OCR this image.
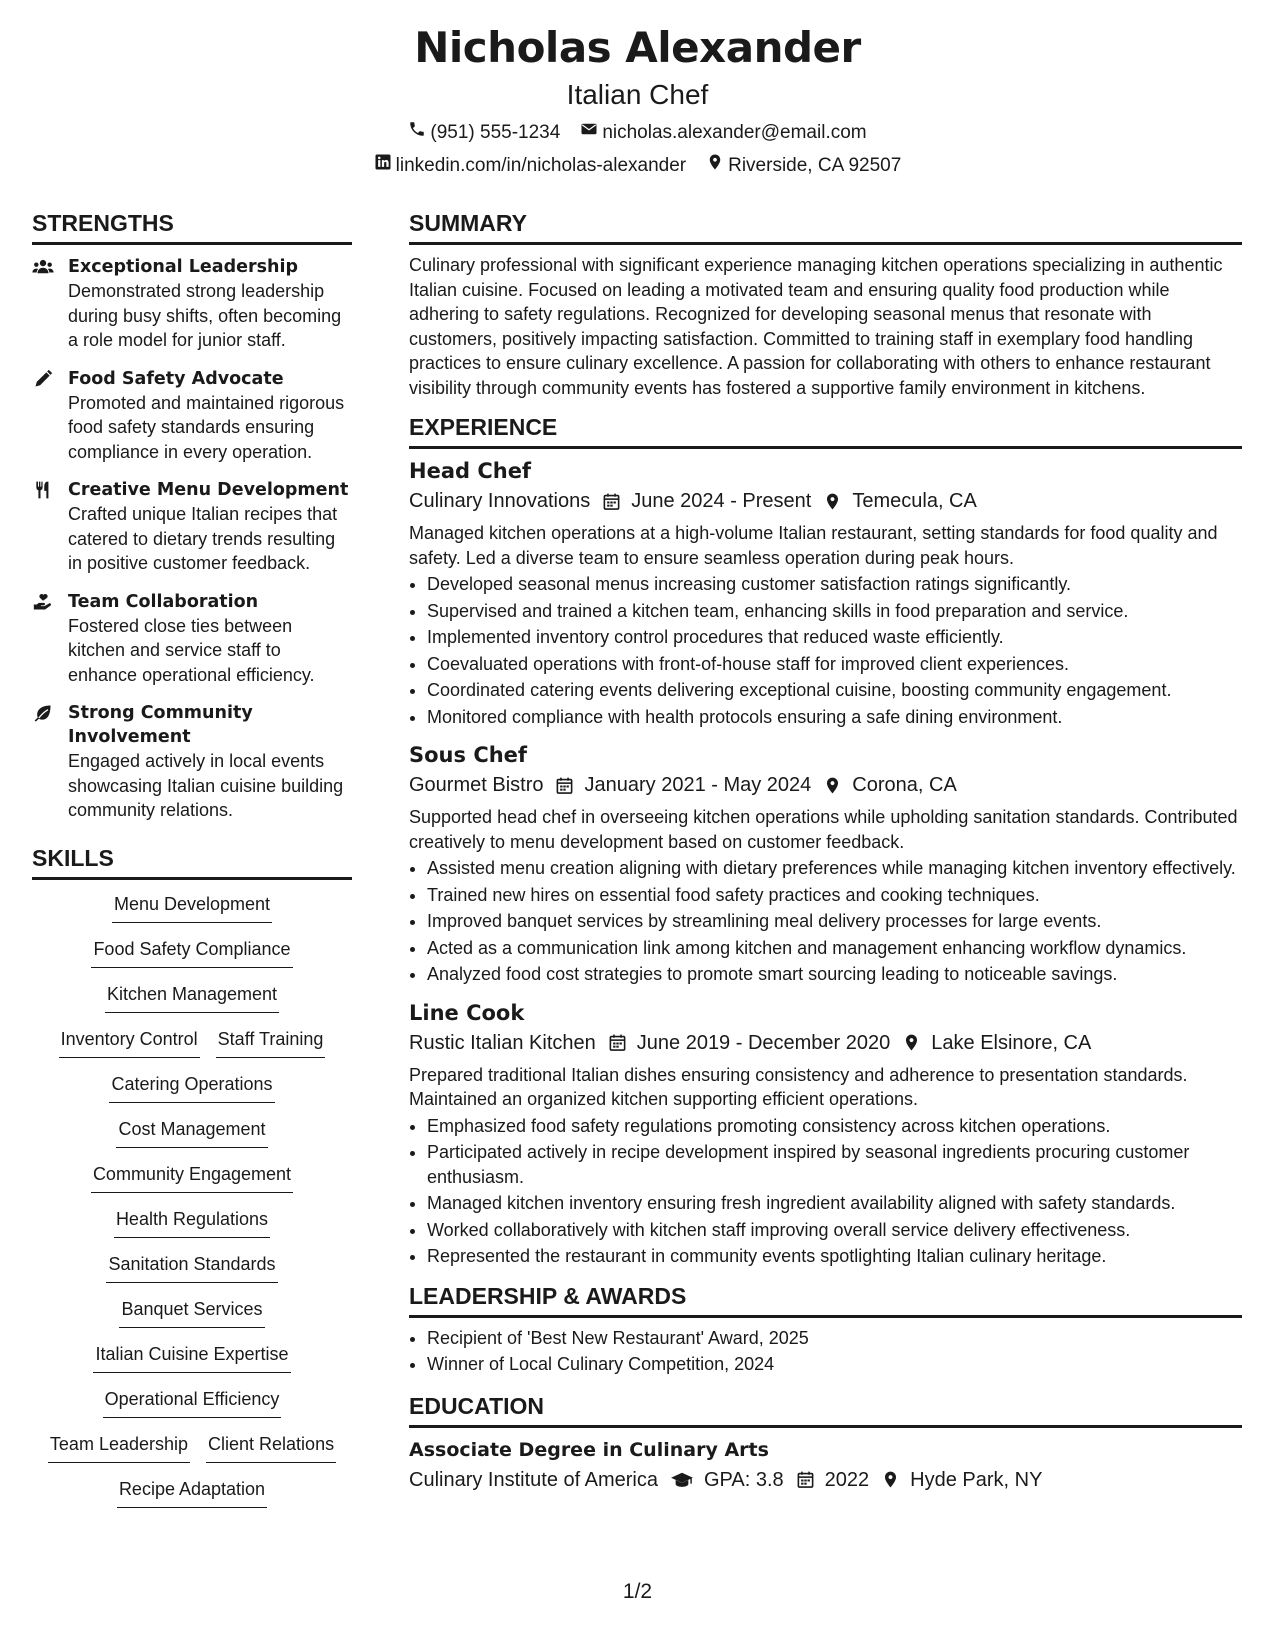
Nicholas Alexander
Italian Chef
(951) 555-1234 nicholas.alexander@email.com
linkedin.com/in/nicholas-alexander Riverside, CA 92507
STRENGTHS
Exceptional Leadership
Demonstrated strong leadership during busy shifts, often becoming a role model for junior staff.
Food Safety Advocate
Promoted and maintained rigorous food safety standards ensuring compliance in every operation.
Creative Menu Development
Crafted unique Italian recipes that catered to dietary trends resulting in positive customer feedback.
Team Collaboration
Fostered close ties between kitchen and service staff to enhance operational efficiency.
Strong Community Involvement
Engaged actively in local events showcasing Italian cuisine building community relations.
SKILLS
Menu Development
Food Safety Compliance
Kitchen Management
Inventory Control Staff Training
Catering Operations
Cost Management
Community Engagement
Health Regulations
Sanitation Standards
Banquet Services
Italian Cuisine Expertise
Operational Efficiency
Team Leadership Client Relations
Recipe Adaptation
SUMMARY
Culinary professional with significant experience managing kitchen operations specializing in authentic Italian cuisine. Focused on leading a motivated team and ensuring quality food production while adhering to safety regulations. Recognized for developing seasonal menus that resonate with customers, positively impacting satisfaction. Committed to training staff in exemplary food handling practices to ensure culinary excellence. A passion for collaborating with others to enhance restaurant visibility through community events has fostered a supportive family environment in kitchens.
EXPERIENCE
Head Chef
Culinary Innovations June 2024 - Present Temecula, CA
Managed kitchen operations at a high-volume Italian restaurant, setting standards for food quality and safety. Led a diverse team to ensure seamless operation during peak hours.
• Developed seasonal menus increasing customer satisfaction ratings significantly.
• Supervised and trained a kitchen team, enhancing skills in food preparation and service.
• Implemented inventory control procedures that reduced waste efficiently.
• Coevaluated operations with front-of-house staff for improved client experiences.
• Coordinated catering events delivering exceptional cuisine, boosting community engagement.
• Monitored compliance with health protocols ensuring a safe dining environment.
Sous Chef
Gourmet Bistro January 2021 - May 2024 Corona, CA
Supported head chef in overseeing kitchen operations while upholding sanitation standards. Contributed creatively to menu development based on customer feedback.
• Assisted menu creation aligning with dietary preferences while managing kitchen inventory effectively.
• Trained new hires on essential food safety practices and cooking techniques.
• Improved banquet services by streamlining meal delivery processes for large events.
• Acted as a communication link among kitchen and management enhancing workflow dynamics.
• Analyzed food cost strategies to promote smart sourcing leading to noticeable savings.
Line Cook
Rustic Italian Kitchen June 2019 - December 2020 Lake Elsinore, CA
Prepared traditional Italian dishes ensuring consistency and adherence to presentation standards. Maintained an organized kitchen supporting efficient operations.
• Emphasized food safety regulations promoting consistency across kitchen operations.
• Participated actively in recipe development inspired by seasonal ingredients procuring customer enthusiasm.
• Managed kitchen inventory ensuring fresh ingredient availability aligned with safety standards.
• Worked collaboratively with kitchen staff improving overall service delivery effectiveness.
• Represented the restaurant in community events spotlighting Italian culinary heritage.
LEADERSHIP & AWARDS
• Recipient of 'Best New Restaurant' Award, 2025
• Winner of Local Culinary Competition, 2024
EDUCATION
Associate Degree in Culinary Arts
Culinary Institute of America GPA: 3.8 2022 Hyde Park, NY
1/2
